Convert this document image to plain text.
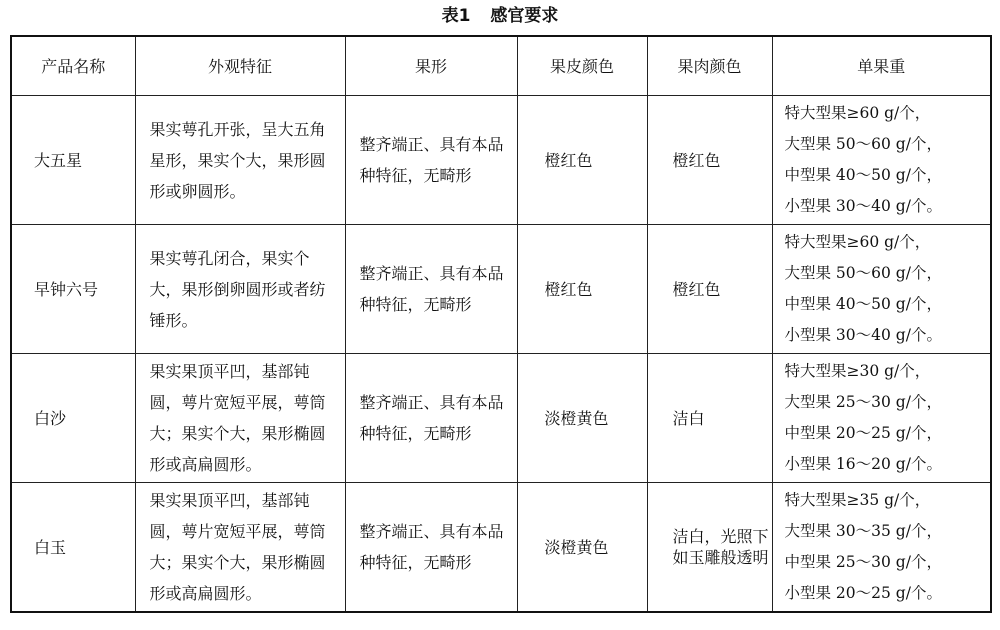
表1 感官要求
产品名称	外观特征	果形	果皮颜色	果肉颜色	单果重
大五星	果实萼孔开张，呈大五角星形，果实个大，果形圆形或卵圆形。	整齐端正、具有本品种特征，无畸形	橙红色	橙红色	特大型果≥60 g/个，
大型果 50～60 g/个，
中型果 40～50 g/个，
小型果 30～40 g/个。

早钟六号	果实萼孔闭合，果实个大，果形倒卵圆形或者纺锤形。	整齐端正、具有本品种特征，无畸形	橙红色	橙红色	特大型果≥60 g/个，
大型果 50～60 g/个，
中型果 40～50 g/个，
小型果 30～40 g/个。

白沙	果实果顶平凹，基部钝圆，萼片宽短平展，萼筒大；果实个大，果形椭圆形或高扁圆形。	整齐端正、具有本品种特征，无畸形	淡橙黄色	洁白	特大型果≥30 g/个，
大型果 25～30 g/个，
中型果 20～25 g/个，
小型果 16～20 g/个。

白玉	果实果顶平凹，基部钝圆，萼片宽短平展，萼筒大；果实个大，果形椭圆形或高扁圆形。	整齐端正、具有本品种特征，无畸形	淡橙黄色	洁白，光照下如玉雕般透明	特大型果≥35 g/个，
大型果 30～35 g/个，
中型果 25～30 g/个，
小型果 20～25 g/个。
